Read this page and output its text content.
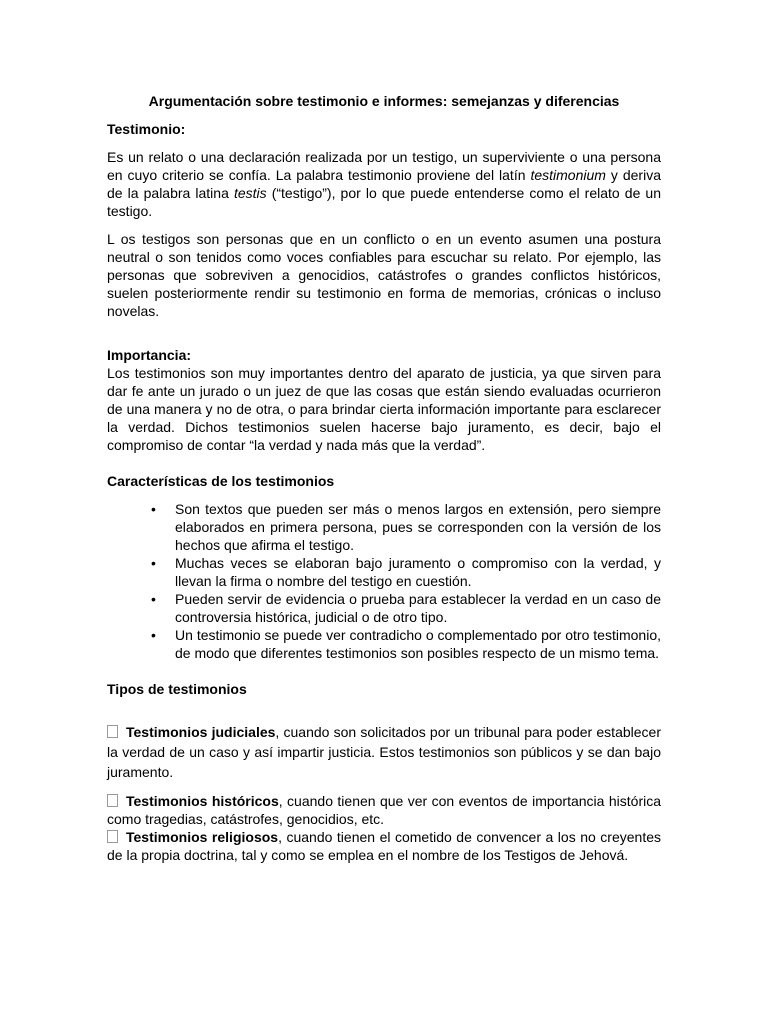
Argumentación sobre testimonio e informes: semejanzas y diferencias
Testimonio:

Es un relato o una declaración realizada por un testigo, un superviviente o una persona en cuyo criterio se confía. La palabra testimonio proviene del latín testimonium y deriva de la palabra latina testis (“testigo”), por lo que puede entenderse como el relato de un testigo.

L os testigos son personas que en un conflicto o en un evento asumen una postura neutral o son tenidos como voces confiables para escuchar su relato. Por ejemplo, las personas que sobreviven a genocidios, catástrofes o grandes conflictos históricos, suelen posteriormente rendir su testimonio en forma de memorias, crónicas o incluso novelas.

Importancia:

Los testimonios son muy importantes dentro del aparato de justicia, ya que sirven para dar fe ante un jurado o un juez de que las cosas que están siendo evaluadas ocurrieron de una manera y no de otra, o para brindar cierta información importante para esclarecer la verdad. Dichos testimonios suelen hacerse bajo juramento, es decir, bajo el compromiso de contar “la verdad y nada más que la verdad”.

Características de los testimonios
• Son textos que pueden ser más o menos largos en extensión, pero siempre elaborados en primera persona, pues se corresponden con la versión de los hechos que afirma el testigo.
• Muchas veces se elaboran bajo juramento o compromiso con la verdad, y llevan la firma o nombre del testigo en cuestión.
• Pueden servir de evidencia o prueba para establecer la verdad en un caso de controversia histórica, judicial o de otro tipo.
• Un testimonio se puede ver contradicho o complementado por otro testimonio, de modo que diferentes testimonios son posibles respecto de un mismo tema.
Tipos de testimonios
Testimonios judiciales, cuando son solicitados por un tribunal para poder establecer la verdad de un caso y así impartir justicia. Estos testimonios son públicos y se dan bajo juramento.
Testimonios históricos, cuando tienen que ver con eventos de importancia histórica como tragedias, catástrofes, genocidios, etc.
Testimonios religiosos, cuando tienen el cometido de convencer a los no creyentes de la propia doctrina, tal y como se emplea en el nombre de los Testigos de Jehová.
